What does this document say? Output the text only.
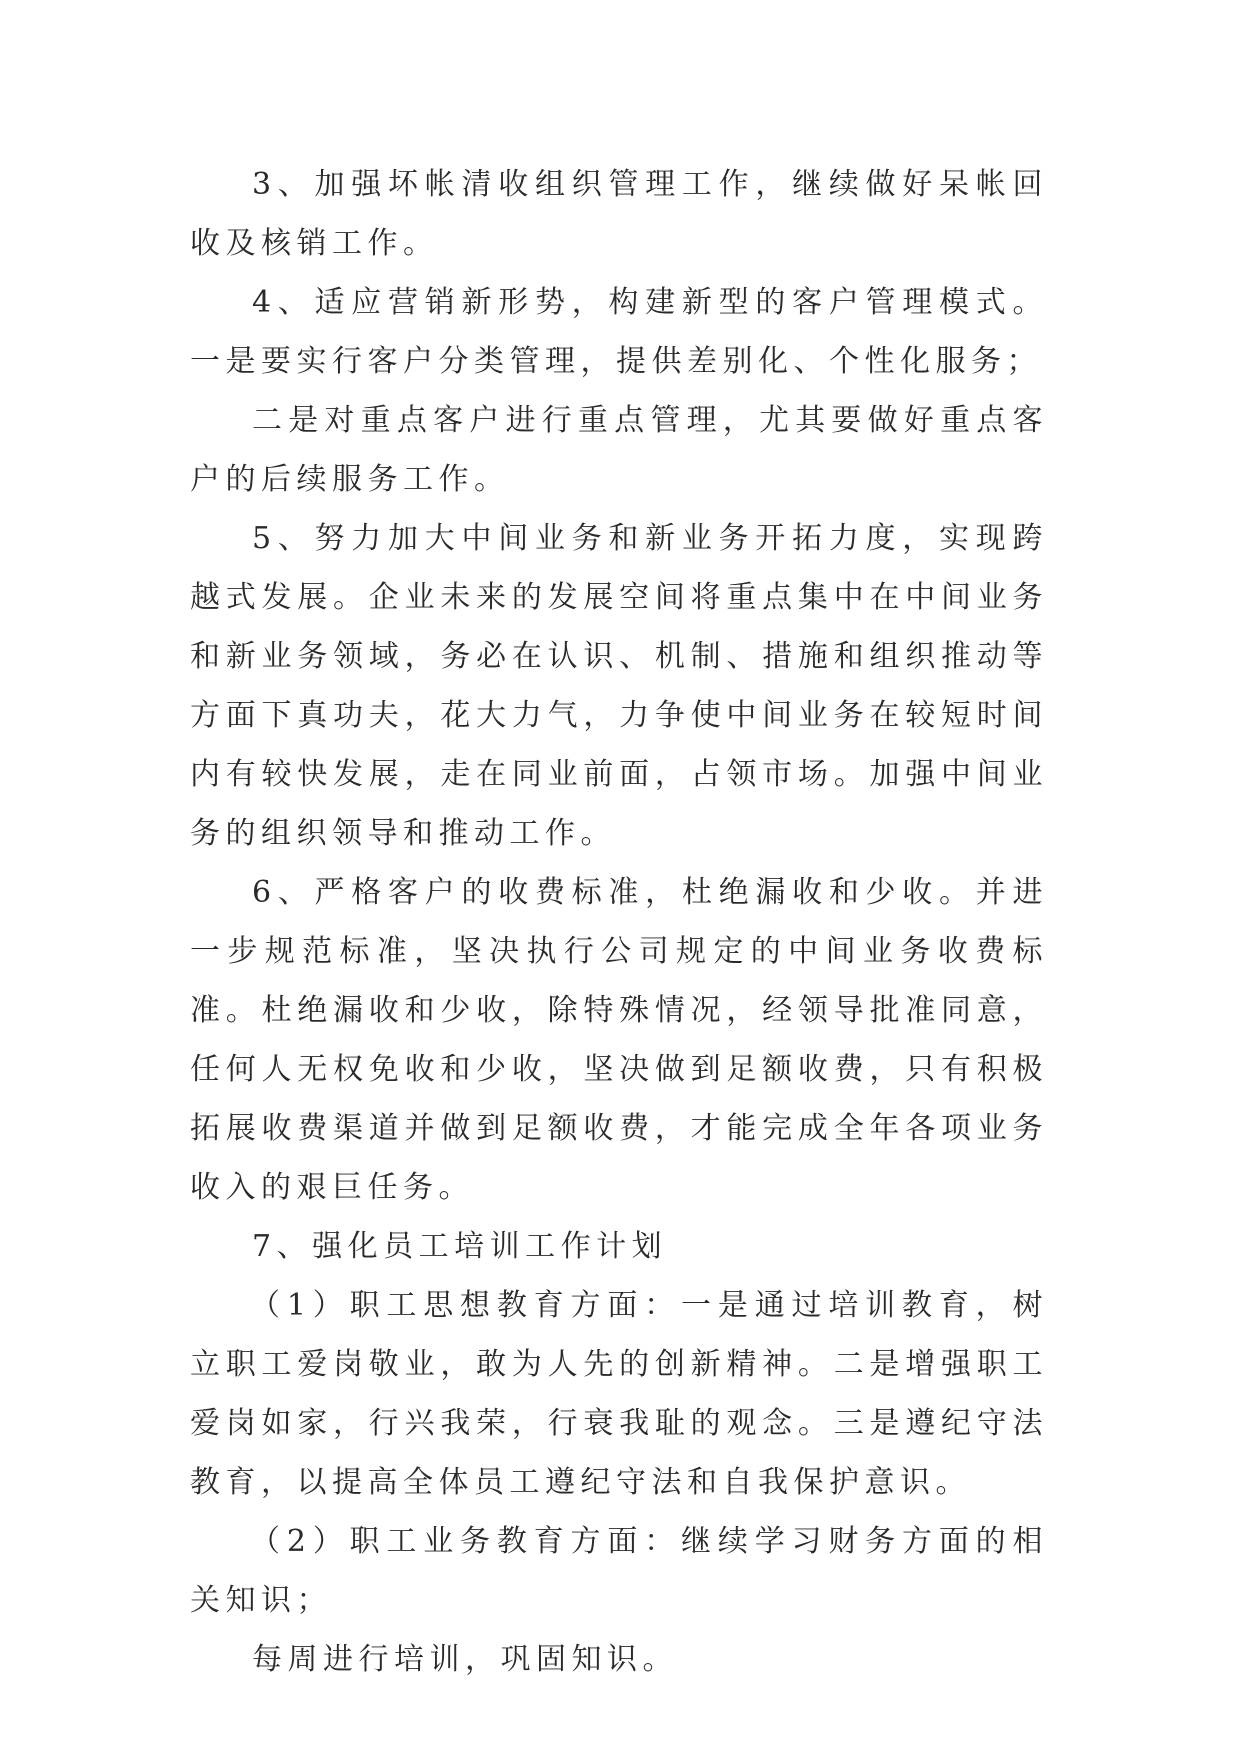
3、加强坏帐清收组织管理工作，继续做好呆帐回收及核销工作。

4、适应营销新形势，构建新型的客户管理模式。一是要实行客户分类管理，提供差别化、个性化服务；

二是对重点客户进行重点管理，尤其要做好重点客户的后续服务工作。

5、努力加大中间业务和新业务开拓力度，实现跨越式发展。企业未来的发展空间将重点集中在中间业务和新业务领域，务必在认识、机制、措施和组织推动等方面下真功夫，花大力气，力争使中间业务在较短时间内有较快发展，走在同业前面，占领市场。加强中间业务的组织领导和推动工作。

6、严格客户的收费标准，杜绝漏收和少收。并进一步规范标准，坚决执行公司规定的中间业务收费标准。杜绝漏收和少收，除特殊情况，经领导批准同意，任何人无权免收和少收，坚决做到足额收费，只有积极拓展收费渠道并做到足额收费，才能完成全年各项业务收入的艰巨任务。

7、强化员工培训工作计划

（1）职工思想教育方面：一是通过培训教育，树立职工爱岗敬业，敢为人先的创新精神。二是增强职工爱岗如家，行兴我荣，行衰我耻的观念。三是遵纪守法教育，以提高全体员工遵纪守法和自我保护意识。

（2）职工业务教育方面：继续学习财务方面的相关知识；

每周进行培训，巩固知识。
